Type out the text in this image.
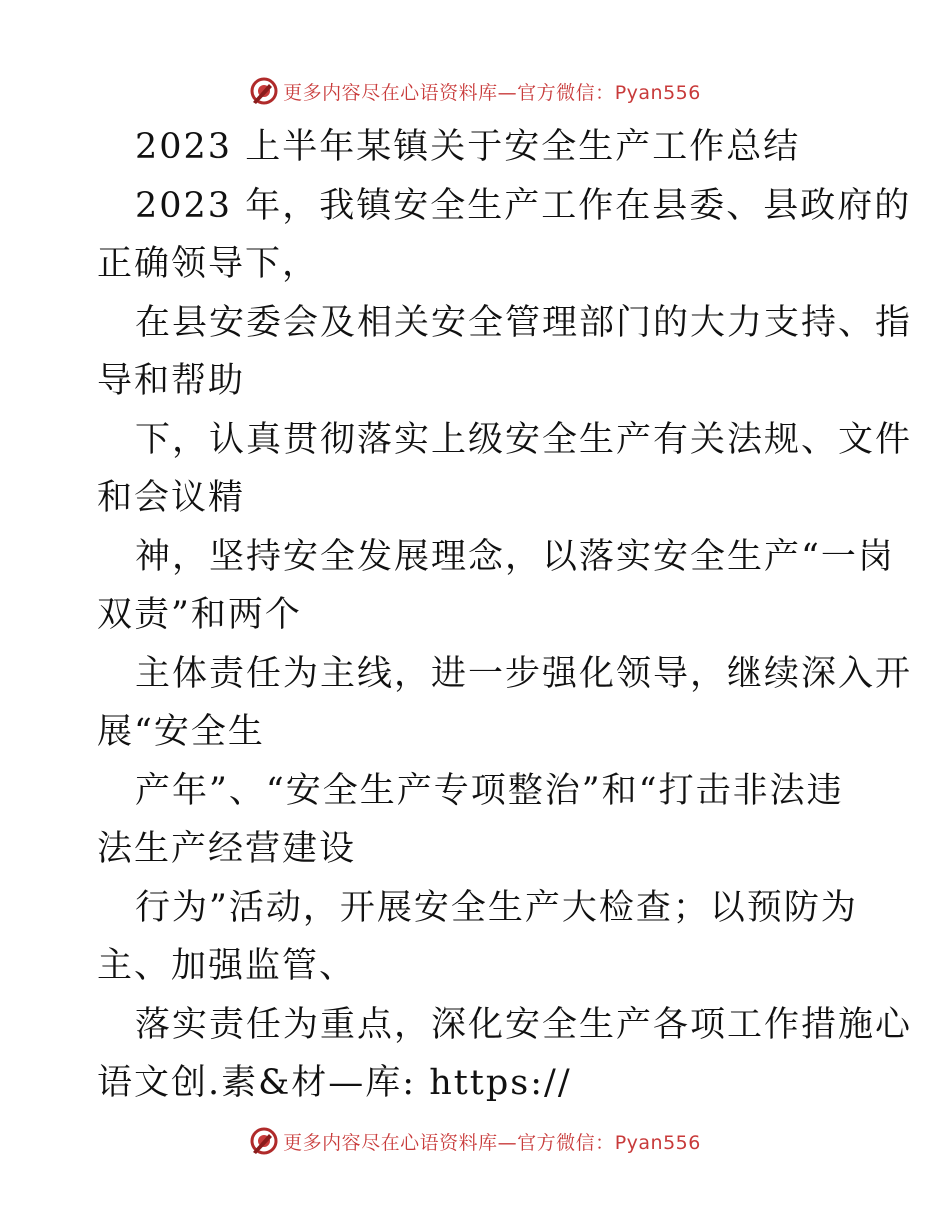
更多内容尽在心语资料库—官方微信：Pyan556

2023 上半年某镇关于安全生产工作总结

2023 年，我镇安全生产工作在县委、县政府的

正确领导下，

在县安委会及相关安全管理部门的大力支持、指

导和帮助

下，认真贯彻落实上级安全生产有关法规、文件

和会议精

神，坚持安全发展理念，以落实安全生产“一岗

双责”和两个

主体责任为主线，进一步强化领导，继续深入开

展“安全生

产年”、“安全生产专项整治”和“打击非法违

法生产经营建设

行为”活动，开展安全生产大检查；以预防为

主、加强监管、

落实责任为重点，深化安全生产各项工作措施心

语文创.素&材—库: https://

更多内容尽在心语资料库—官方微信：Pyan556
